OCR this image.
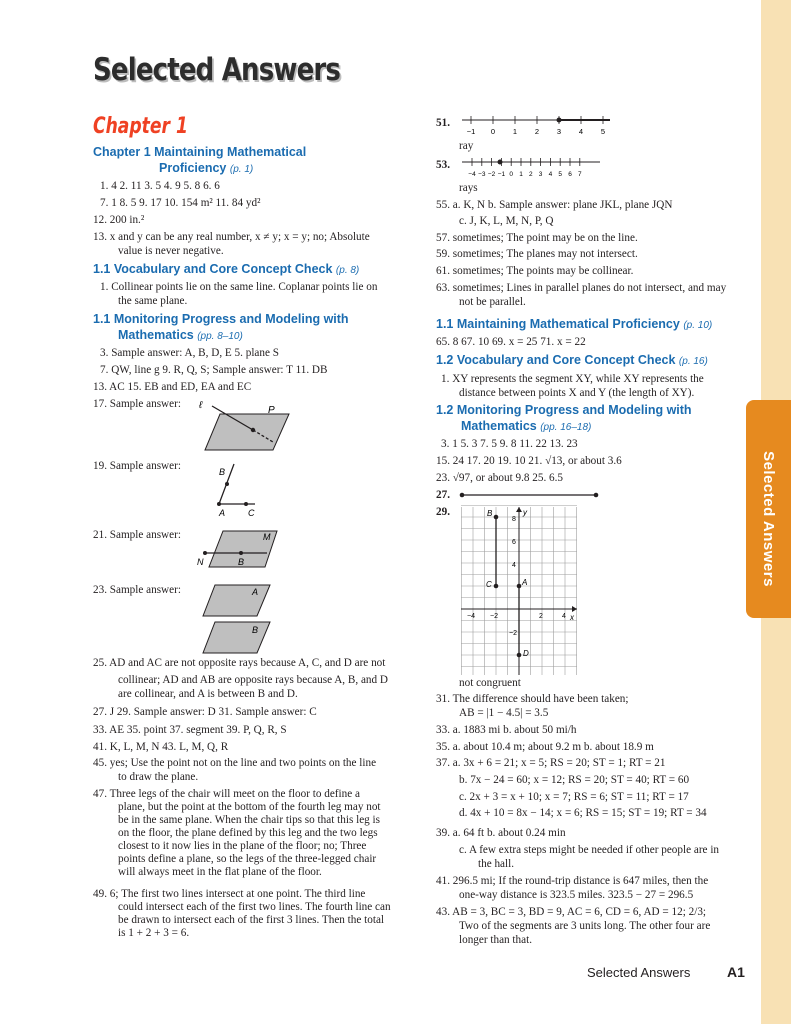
Selected Answers
Selected Answers
Chapter 1
Chapter 1 Maintaining Mathematical
Proficiency (p. 1)
1. 4 2. 11 3. 5 4. 9 5. 8 6. 6
7. 1 8. 5 9. 17 10. 154 m² 11. 84 yd²
12. 200 in.²
13. x and y can be any real number, x ≠ y; x = y; no; Absolute
value is never negative.
1.1 Vocabulary and Core Concept Check (p. 8)
1. Collinear points lie on the same line. Coplanar points lie on
the same plane.
1.1 Monitoring Progress and Modeling with
Mathematics (pp. 8–10)
3. Sample answer: A, B, D, E 5. plane S
7. QW, line g 9. R, Q, S; Sample answer: T 11. DB
13. AC 15. EB and ED, EA and EC
17. Sample answer: ℓ	P
19. Sample answer:	B
A	C
21. Sample answer:	M
N	B
23. Sample answer:	A
B
25. AD and AC are not opposite rays because A, C, and D are not
collinear; AD and AB are opposite rays because A, B, and D
are collinear, and A is between B and D.
27. J 29. Sample answer: D 31. Sample answer: C
33. AE 35. point 37. segment 39. P, Q, R, S
41. K, L, M, N 43. L, M, Q, R
45. yes; Use the point not on the line and two points on the line
to draw the plane.
47. Three legs of the chair will meet on the floor to define a
plane, but the point at the bottom of the fourth leg may not
be in the same plane. When the chair tips so that this leg is
on the floor, the plane defined by this leg and the two legs
closest to it now lies in the plane of the floor; no; Three
points define a plane, so the legs of the three-legged chair
will always meet in the flat plane of the floor.
49. 6; The first two lines intersect at one point. The third line
could intersect each of the first two lines. The fourth line can
be drawn to intersect each of the first 3 lines. Then the total
is 1 + 2 + 3 = 6.
51.
−1 0 1 2 3 4 5
ray
53.
−4 −3 −2 −1 0 1 2 3 4 5 6 7
rays
55. a. K, N b. Sample answer: plane JKL, plane JQN
c. J, K, L, M, N, P, Q
57. sometimes; The point may be on the line.
59. sometimes; The planes may not intersect.
61. sometimes; The points may be collinear.
63. sometimes; Lines in parallel planes do not intersect, and may
not be parallel.
1.1 Maintaining Mathematical Proficiency (p. 10)
65. 8 67. 10 69. x = 25 71. x = 22
1.2 Vocabulary and Core Concept Check (p. 16)
1. XY represents the segment XY, while XY represents the
distance between points X and Y (the length of XY).
1.2 Monitoring Progress and Modeling with
Mathematics (pp. 16–18)
3. 1 5. 3 7. 5 9. 8 11. 22 13. 23
15. 24 17. 20 19. 10 21. √13, or about 3.6
23. √97, or about 9.8 25. 6.5
27.
29.	B	y
C	A
D
x
8
6
4
−4 −2	2	4
−2
not congruent
31. The difference should have been taken;
AB = |1 − 4.5| = 3.5
33. a. 1883 mi b. about 50 mi/h
35. a. about 10.4 m; about 9.2 m b. about 18.9 m
37. a. 3x + 6 = 21; x = 5; RS = 20; ST = 1; RT = 21
b. 7x − 24 = 60; x = 12; RS = 20; ST = 40; RT = 60
c. 2x + 3 = x + 10; x = 7; RS = 6; ST = 11; RT = 17
d. 4x + 10 = 8x − 14; x = 6; RS = 15; ST = 19; RT = 34
39. a. 64 ft b. about 0.24 min
c. A few extra steps might be needed if other people are in
the hall.
41. 296.5 mi; If the round-trip distance is 647 miles, then the
one-way distance is 323.5 miles. 323.5 − 27 = 296.5
43. AB = 3, BC = 3, BD = 9, AC = 6, CD = 6, AD = 12; 2/3;
Two of the segments are 3 units long. The other four are
longer than that.
Selected Answers	A1
